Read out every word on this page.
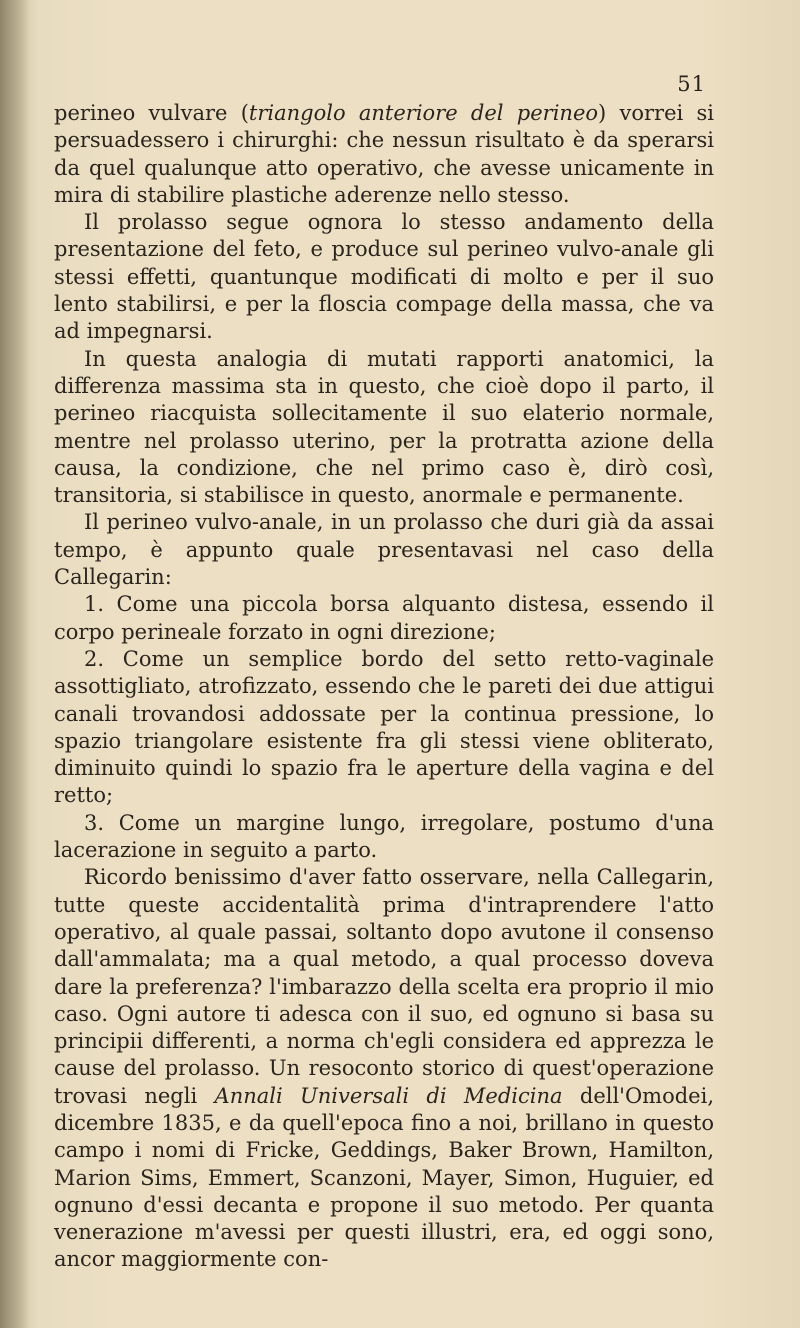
51

perineo vulvare (triangolo anteriore del perineo) vorrei si persuadessero i chirurghi: che nessun risultato è da sperarsi da quel qualunque atto operativo, che avesse unicamente in mira di stabilire plastiche aderenze nello stesso.

Il prolasso segue ognora lo stesso andamento della presentazione del feto, e produce sul perineo vulvo-anale gli stessi effetti, quantunque modificati di molto e per il suo lento stabilirsi, e per la floscia compage della massa, che va ad impegnarsi.

In questa analogia di mutati rapporti anatomici, la differenza massima sta in questo, che cioè dopo il parto, il perineo riacquista sollecitamente il suo elaterio normale, mentre nel prolasso uterino, per la protratta azione della causa, la condizione, che nel primo caso è, dirò così, transitoria, si stabilisce in questo, anormale e permanente.

Il perineo vulvo-anale, in un prolasso che duri già da assai tempo, è appunto quale presentavasi nel caso della Callegarin:

1. Come una piccola borsa alquanto distesa, essendo il corpo perineale forzato in ogni direzione;

2. Come un semplice bordo del setto retto-vaginale assottigliato, atrofizzato, essendo che le pareti dei due attigui canali trovandosi addossate per la continua pressione, lo spazio triangolare esistente fra gli stessi viene obliterato, diminuito quindi lo spazio fra le aperture della vagina e del retto;

3. Come un margine lungo, irregolare, postumo d'una lacerazione in seguito a parto.

Ricordo benissimo d'aver fatto osservare, nella Callegarin, tutte queste accidentalità prima d'intraprendere l'atto operativo, al quale passai, soltanto dopo avutone il consenso dall'ammalata; ma a qual metodo, a qual processo doveva dare la preferenza? l'imbarazzo della scelta era proprio il mio caso. Ogni autore ti adesca con il suo, ed ognuno si basa su principii differenti, a norma ch'egli considera ed apprezza le cause del prolasso. Un resoconto storico di quest'operazione trovasi negli Annali Universali di Medicina dell'Omodei, dicembre 1835, e da quell'epoca fino a noi, brillano in questo campo i nomi di Fricke, Geddings, Baker Brown, Hamilton, Marion Sims, Emmert, Scanzoni, Mayer, Simon, Huguier, ed ognuno d'essi decanta e propone il suo metodo. Per quanta venerazione m'avessi per questi illustri, era, ed oggi sono, ancor maggiormente con-
